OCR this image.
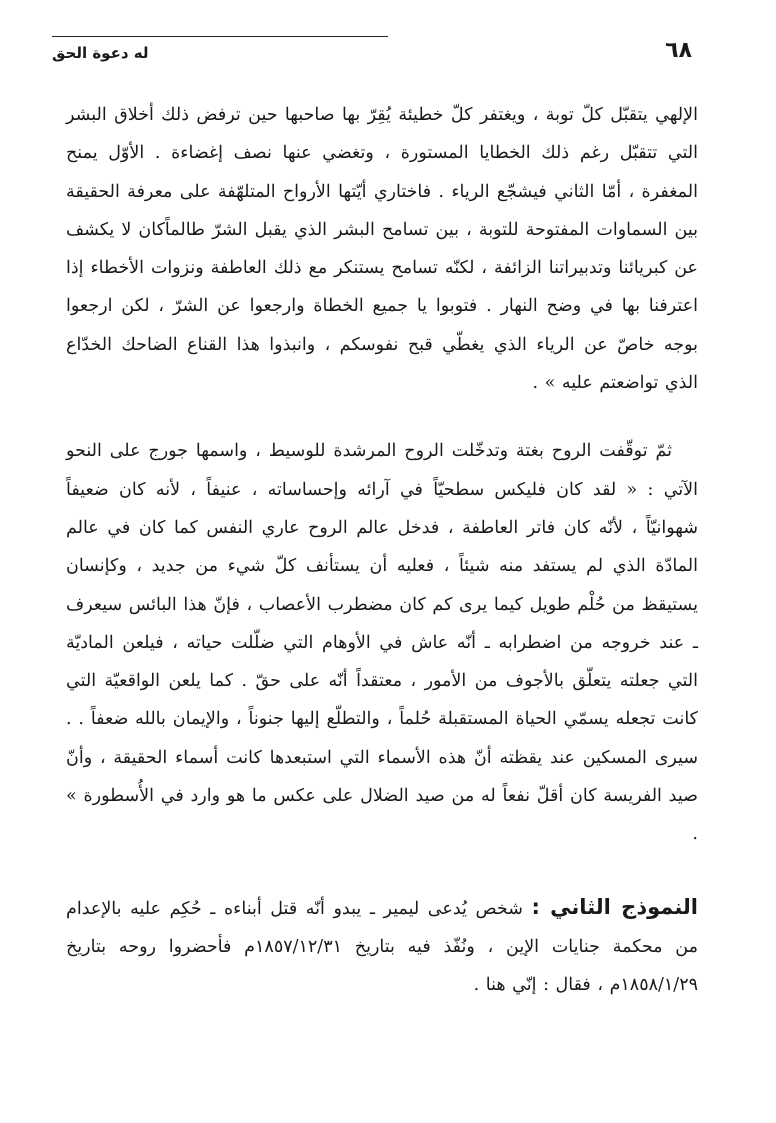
٦٨
له دعوة الحق

الإلهي يتقبّل كلّ توبة ، ويغتفر كلّ خطيئة يُقِرّ بها صاحبها حين ترفض ذلك أخلاق البشر التي تتقبّل رغم ذلك الخطايا المستورة ، وتغضي عنها نصف إغضاءة . الأوّل يمنح المغفرة ، أمّا الثاني فيشجّع الرياء . فاختاري أيّتها الأرواح المتلهّفة على معرفة الحقيقة بين السماوات المفتوحة للتوبة ، بين تسامح البشر الذي يقبل الشرّ طالماًكان لا يكشف عن كبريائنا وتدبيراتنا الزائفة ، لكنّه تسامح يستنكر مع ذلك العاطفة ونزوات الأخطاء إذا اعترفنا بها في وضح النهار . فتوبوا يا جميع الخطاة وارجعوا عن الشرّ ، لكن ارجعوا بوجه خاصّ عن الرياء الذي يغطّي قبح نفوسكم ، وانبذوا هذا القناع الضاحك الخدّاع الذي تواضعتم عليه » .

ثمّ توقّفت الروح بغتة وتدخّلت الروح المرشدة للوسيط ، واسمها جورج على النحو الآتي : « لقد كان فليكس سطحيّاً في آرائه وإحساساته ، عنيفاً ، لأنه كان ضعيفاً شهوانيّاً ، لأنّه كان فاتر العاطفة ، فدخل عالم الروح عاري النفس كما كان في عالم المادّة الذي لم يستفد منه شيئاً ، فعليه أن يستأنف كلّ شيء من جديد ، وكإنسان يستيقظ من حُلْم طويل كيما يرى كم كان مضطرب الأعصاب ، فإنّ هذا البائس سيعرف ـ عند خروجه من اضطرابه ـ أنّه عاش في الأوهام التي ضلّلت حياته ، فيلعن الماديّة التي جعلته يتعلّق بالأجوف من الأمور ، معتقداً أنّه على حقّ . كما يلعن الواقعيّة التي كانت تجعله يسمّي الحياة المستقبلة حُلماً ، والتطلّع إليها جنوناً ، والإيمان بالله ضعفاً . . سيرى المسكين عند يقظته أنّ هذه الأسماء التي استبعدها كانت أسماء الحقيقة ، وأنّ صيد الفريسة كان أقلّ نفعاً له من صيد الضلال على عكس ما هو وارد في الأُسطورة » .

النموذج الثاني : شخص يُدعى ليمير ـ يبدو أنّه قتل أبناءه ـ حُكِم عليه بالإعدام من محكمة جنايات الإين ، ونُفّذ فيه بتاريخ ١٨٥٧/١٢/٣١م فأحضروا روحه بتاريخ ١٨٥٨/١/٢٩م ، فقال : إنّي هنا .
